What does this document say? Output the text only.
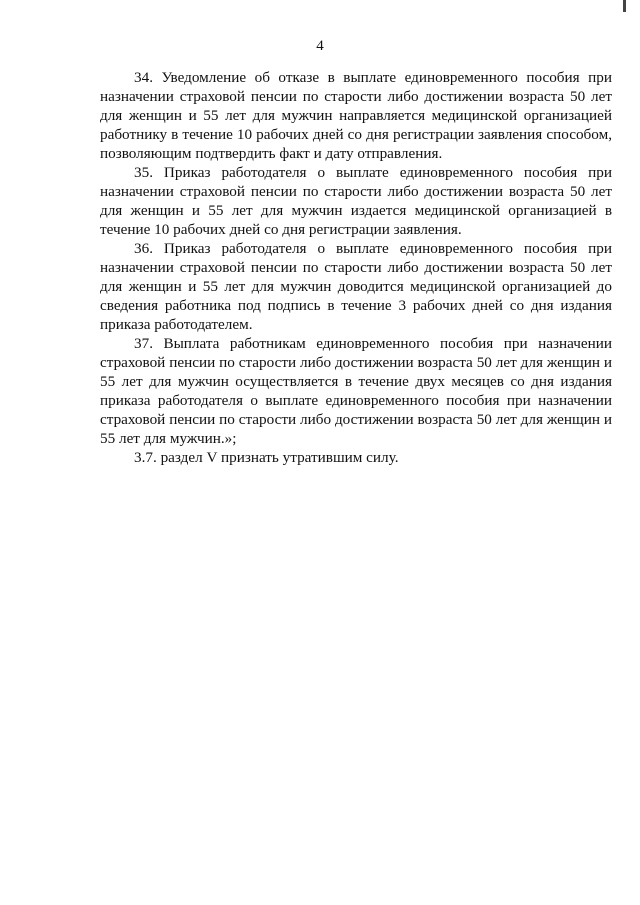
4

34. Уведомление об отказе в выплате единовременного пособия при назначении страховой пенсии по старости либо достижении возраста 50 лет для женщин и 55 лет для мужчин направляется медицинской организацией работнику в течение 10 рабочих дней со дня регистрации заявления способом, позволяющим подтвердить факт и дату отправления.

35. Приказ работодателя о выплате единовременного пособия при назначении страховой пенсии по старости либо достижении возраста 50 лет для женщин и 55 лет для мужчин издается медицинской организацией в течение 10 рабочих дней со дня регистрации заявления.

36. Приказ работодателя о выплате единовременного пособия при назначении страховой пенсии по старости либо достижении возраста 50 лет для женщин и 55 лет для мужчин доводится медицинской организацией до сведения работника под подпись в течение 3 рабочих дней со дня издания приказа работодателем.

37. Выплата работникам единовременного пособия при назначении страховой пенсии по старости либо достижении возраста 50 лет для женщин и 55 лет для мужчин осуществляется в течение двух месяцев со дня издания приказа работодателя о выплате единовременного пособия при назначении страховой пенсии по старости либо достижении возраста 50 лет для женщин и 55 лет для мужчин.»;

3.7. раздел V признать утратившим силу.
